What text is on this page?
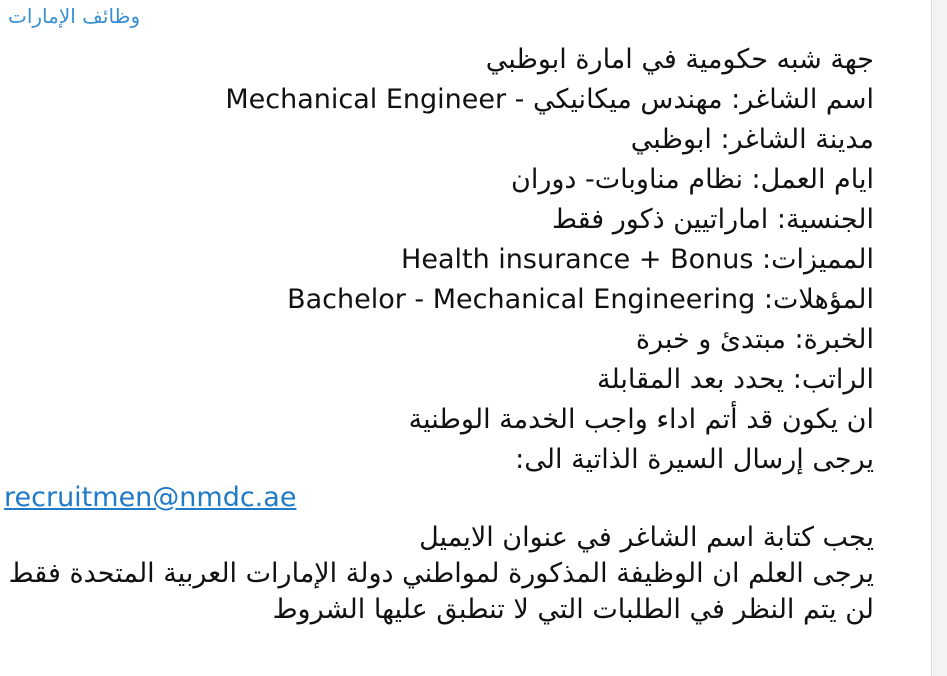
وظائف الإمارات
جهة شبه حكومية في امارة ابوظبي
اسم الشاغر: مهندس ميكانيكي - Mechanical Engineer
مدينة الشاغر: ابوظبي
ايام العمل: نظام مناوبات- دوران
الجنسية: اماراتيين ذكور فقط
المميزات: Health insurance + Bonus
المؤهلات: Bachelor - Mechanical Engineering
الخبرة: مبتدئ و خبرة
الراتب: يحدد بعد المقابلة
ان يكون قد أتم اداء واجب الخدمة الوطنية
يرجى إرسال السيرة الذاتية الى:
recruitmen@nmdc.ae
يجب كتابة اسم الشاغر في عنوان الايميل
يرجى العلم ان الوظيفة المذكورة لمواطني دولة الإمارات العربية المتحدة فقط
لن يتم النظر في الطلبات التي لا تنطبق عليها الشروط
